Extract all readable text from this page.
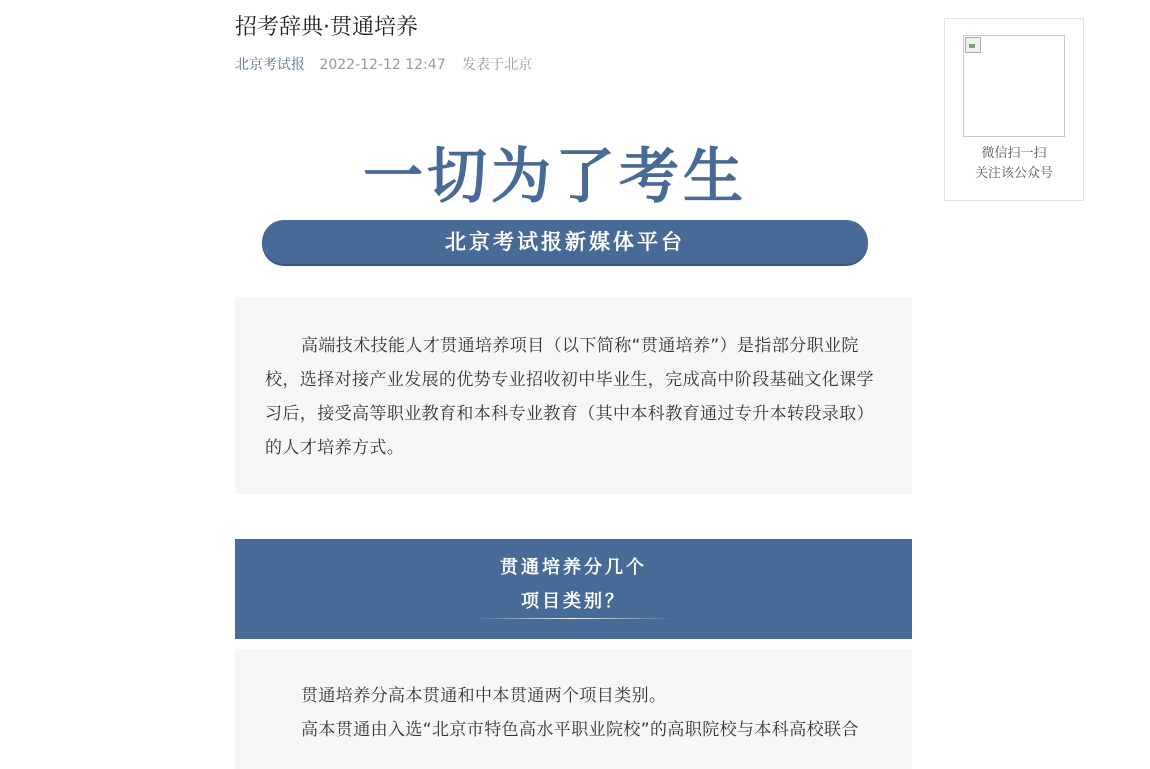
招考辞典·贯通培养
北京考试报 2022-12-12 12:47 发表于北京
一切为了考生
北京考试报新媒体平台

高端技术技能人才贯通培养项目（以下简称“贯通培养”）是指部分职业院校，选择对接产业发展的优势专业招收初中毕业生，完成高中阶段基础文化课学习后，接受高等职业教育和本科专业教育（其中本科教育通过专升本转段录取）的人才培养方式。

贯通培养分几个
项目类别？

贯通培养分高本贯通和中本贯通两个项目类别。

高本贯通由入选“北京市特色高水平职业院校”的高职院校与本科高校联合

微信扫一扫
关注该公众号
